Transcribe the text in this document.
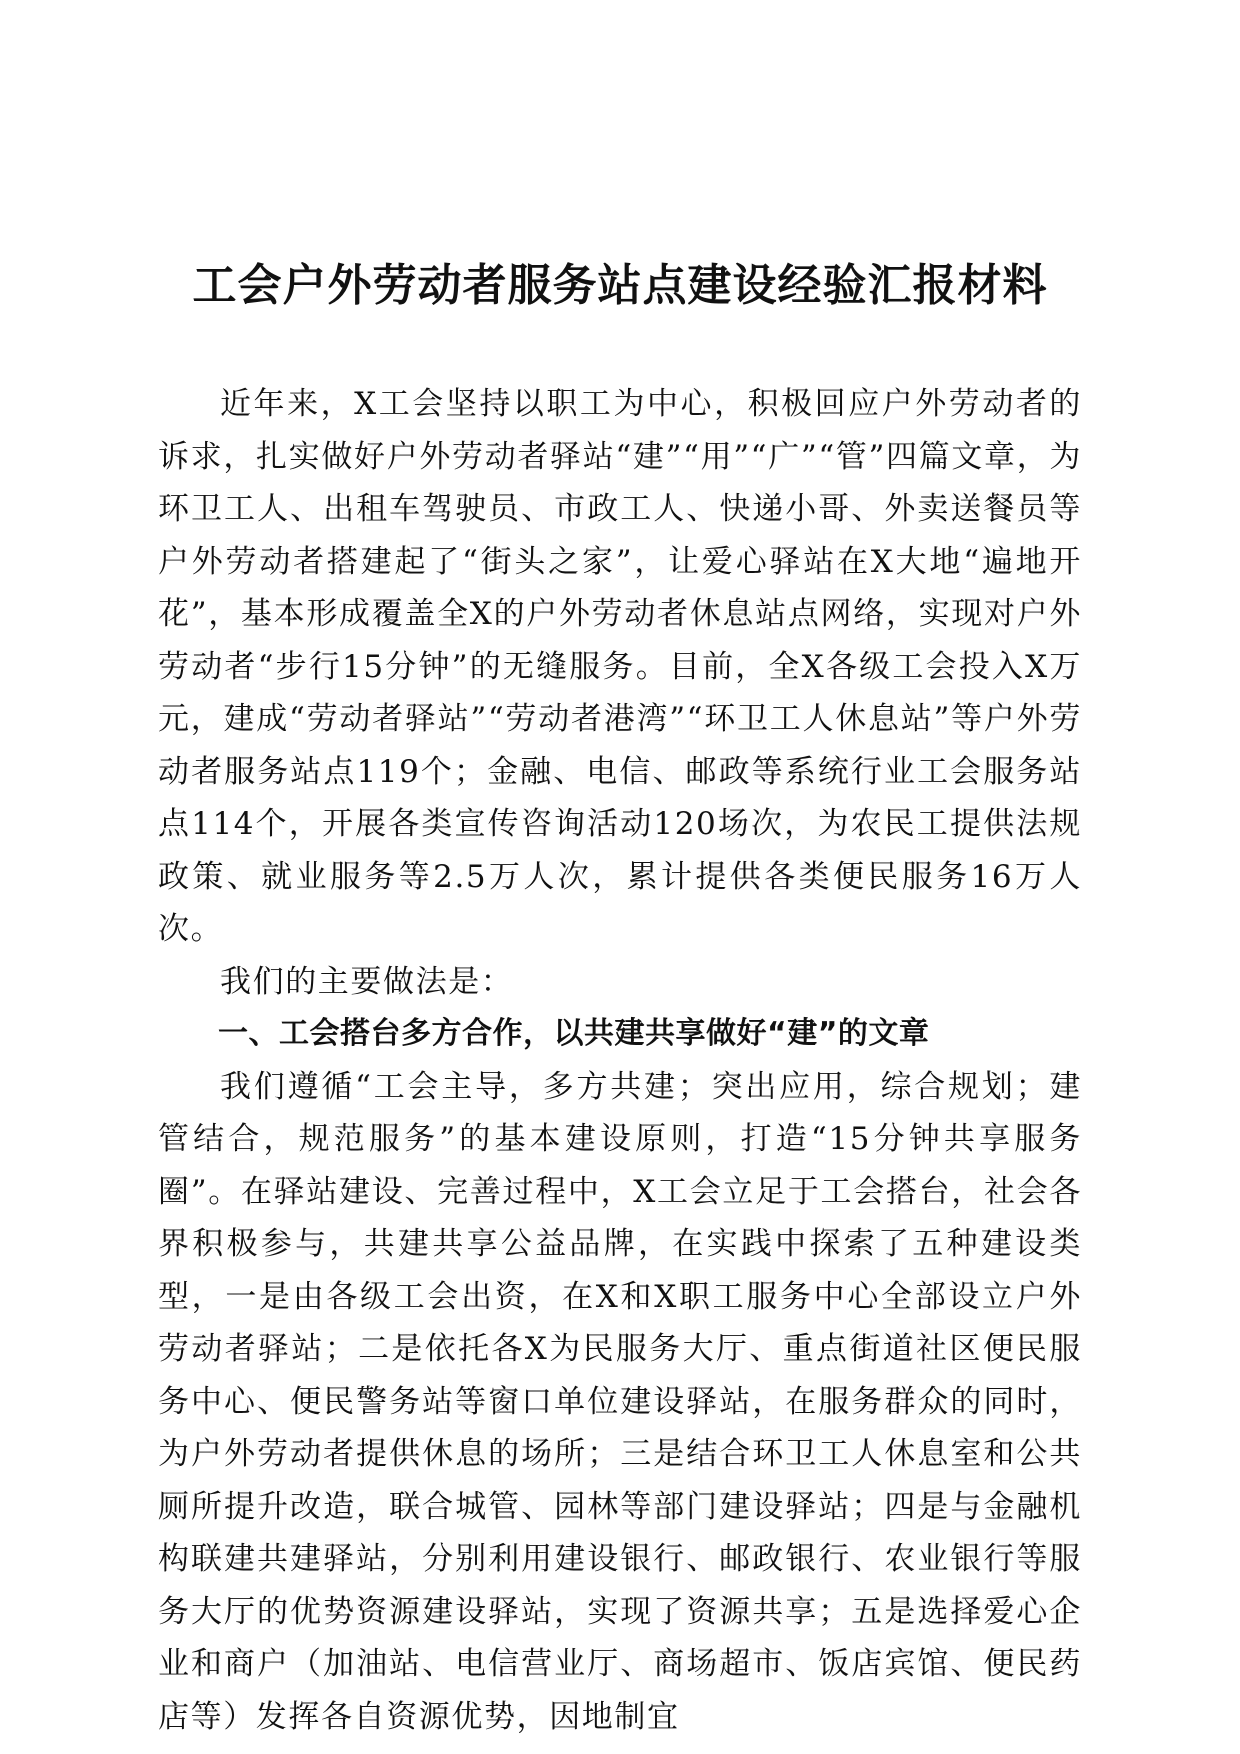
工会户外劳动者服务站点建设经验汇报材料

近年来，X工会坚持以职工为中心，积极回应户外劳动者的诉求，扎实做好户外劳动者驿站“建”“用”“广”“管”四篇文章，为环卫工人、出租车驾驶员、市政工人、快递小哥、外卖送餐员等户外劳动者搭建起了“街头之家”，让爱心驿站在X大地“遍地开花”，基本形成覆盖全X的户外劳动者休息站点网络，实现对户外劳动者“步行15分钟”的无缝服务。目前，全X各级工会投入X万元，建成“劳动者驿站”“劳动者港湾”“环卫工人休息站”等户外劳动者服务站点119个；金融、电信、邮政等系统行业工会服务站点114个，开展各类宣传咨询活动120场次，为农民工提供法规政策、就业服务等2.5万人次，累计提供各类便民服务16万人次。

我们的主要做法是：

一、工会搭台多方合作，以共建共享做好“建”的文章

我们遵循“工会主导，多方共建；突出应用，综合规划；建管结合，规范服务”的基本建设原则，打造“15分钟共享服务圈”。在驿站建设、完善过程中，X工会立足于工会搭台，社会各界积极参与，共建共享公益品牌，在实践中探索了五种建设类型，一是由各级工会出资，在X和X职工服务中心全部设立户外劳动者驿站；二是依托各X为民服务大厅、重点街道社区便民服务中心、便民警务站等窗口单位建设驿站，在服务群众的同时，为户外劳动者提供休息的场所；三是结合环卫工人休息室和公共厕所提升改造，联合城管、园林等部门建设驿站；四是与金融机构联建共建驿站，分别利用建设银行、邮政银行、农业银行等服务大厅的优势资源建设驿站，实现了资源共享；五是选择爱心企业和商户（加油站、电信营业厅、商场超市、饭店宾馆、便民药店等）发挥各自资源优势，因地制宜
